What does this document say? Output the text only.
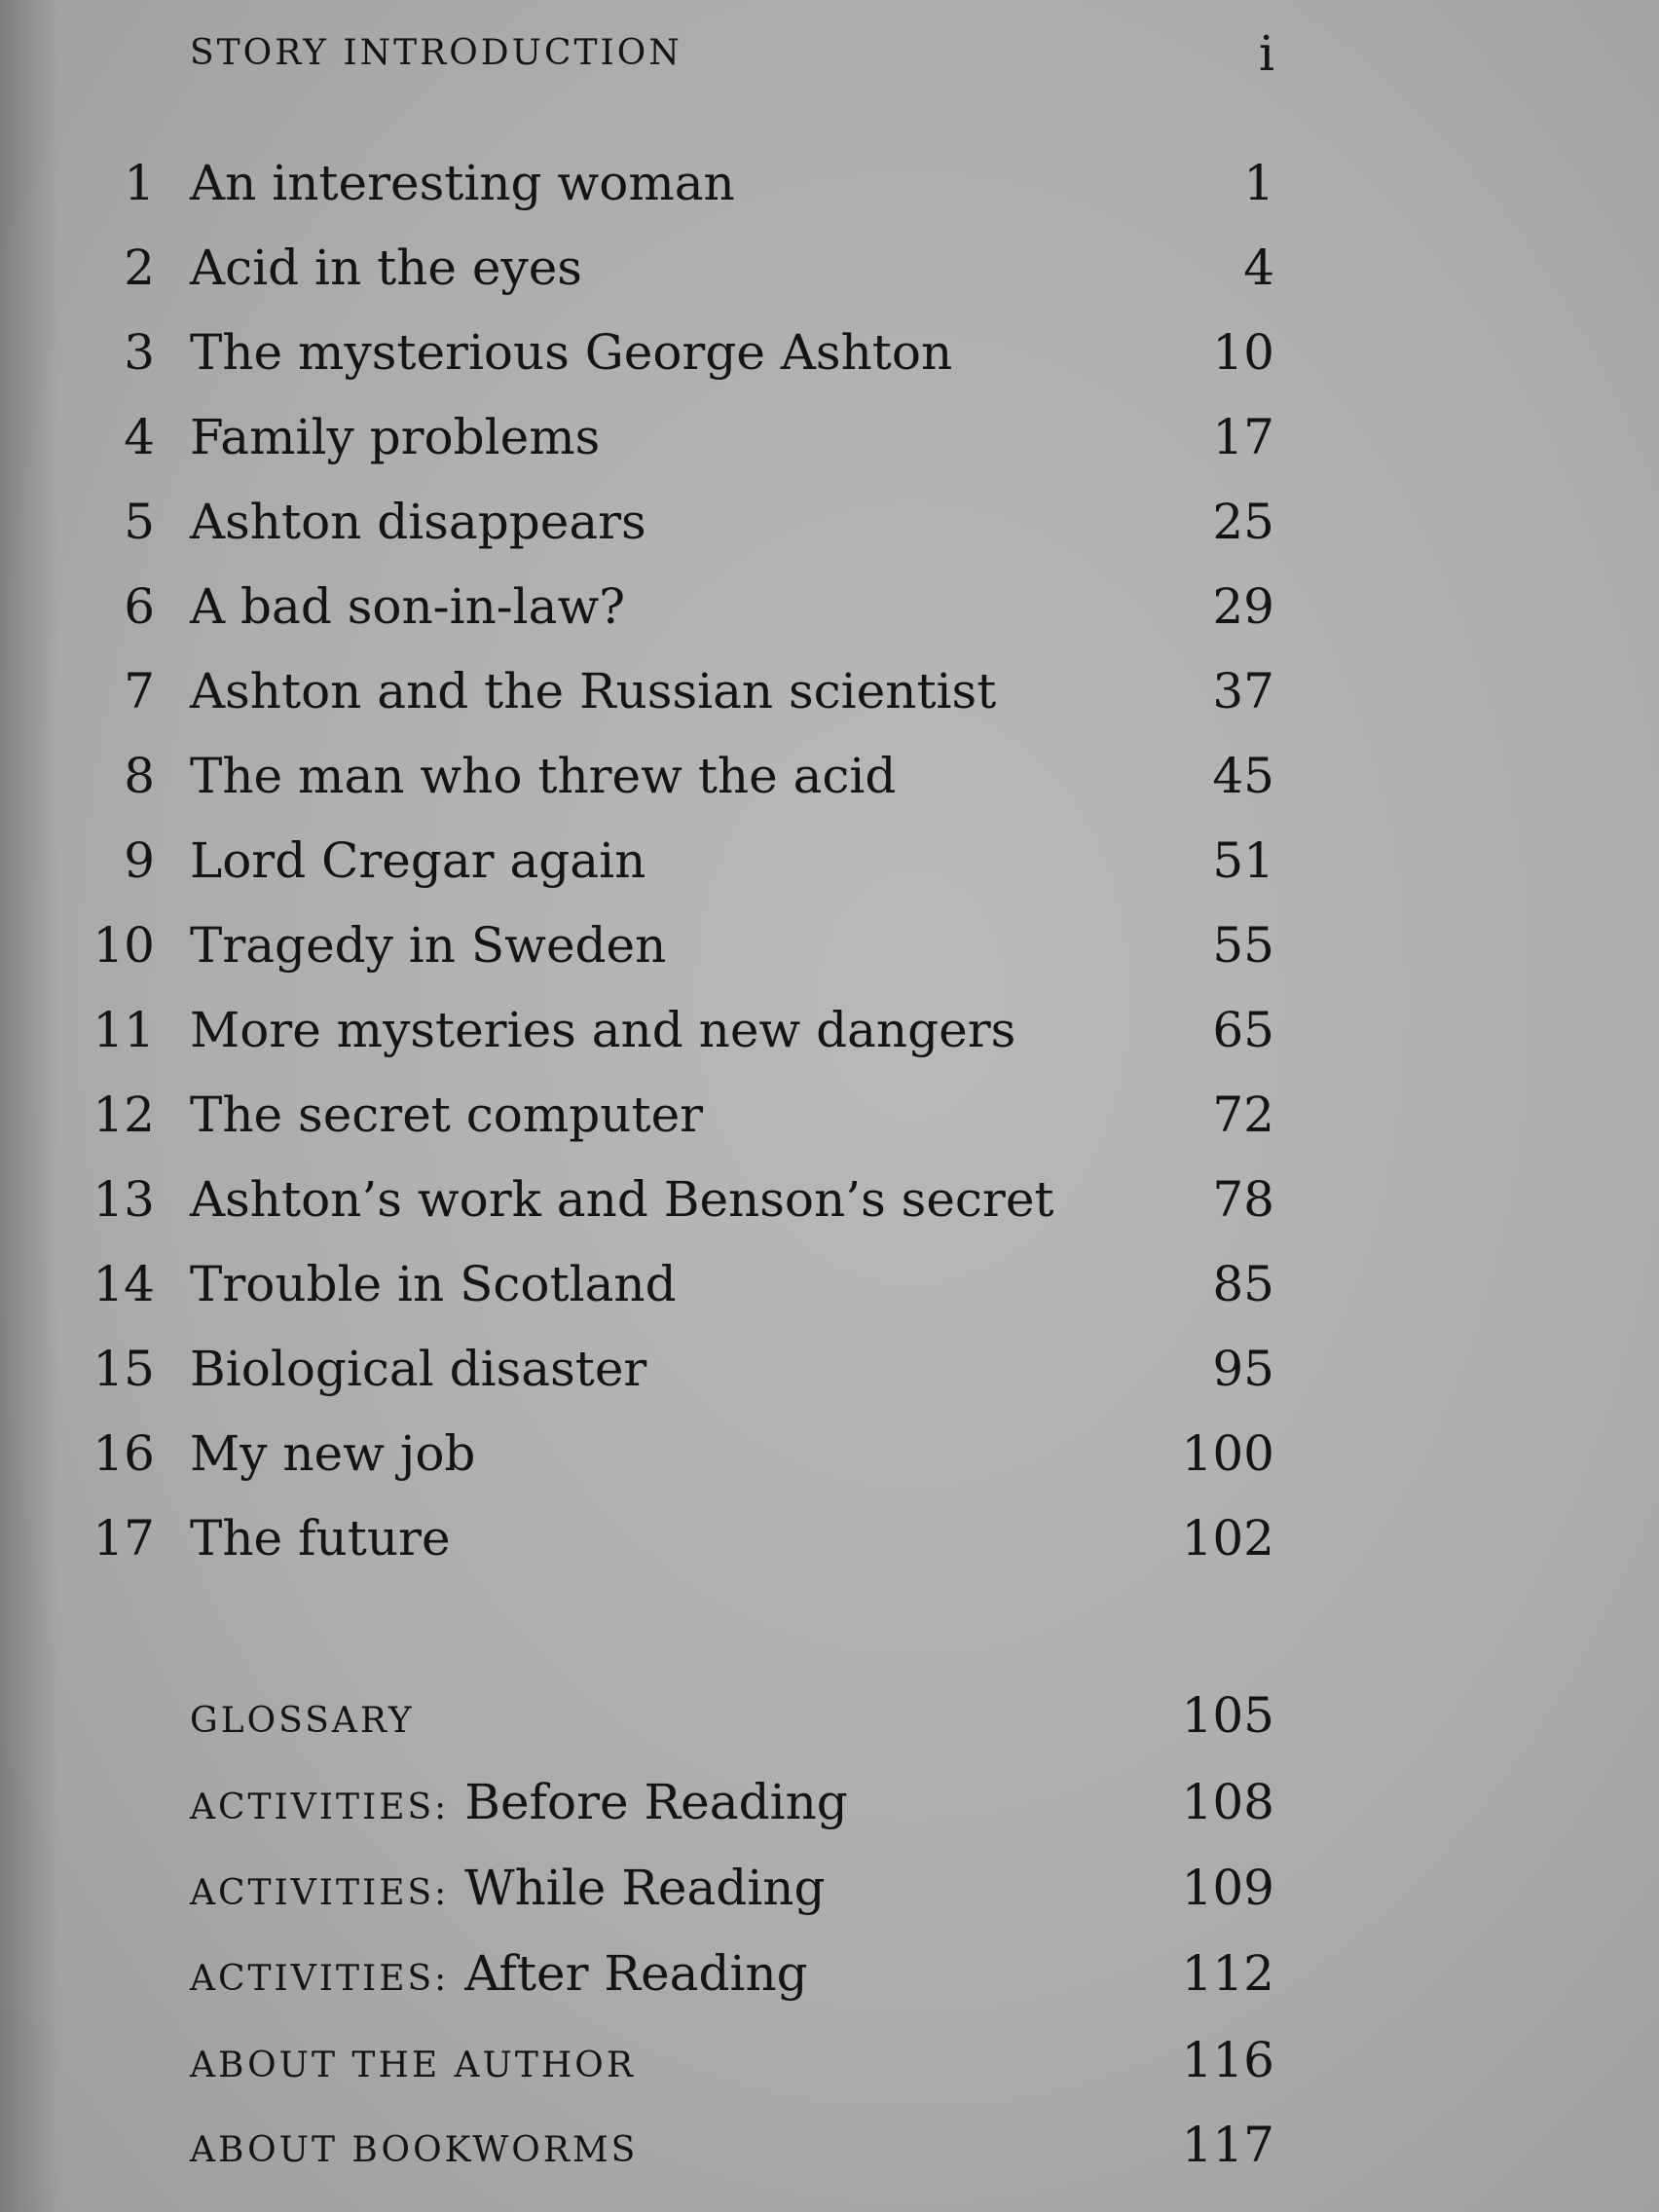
STORY INTRODUCTION	i
1 An interesting woman	1
2 Acid in the eyes	4
3 The mysterious George Ashton	10
4 Family problems	17
5 Ashton disappears	25
6 A bad son-in-law?	29
7 Ashton and the Russian scientist	37
8 The man who threw the acid	45
9 Lord Cregar again	51
10 Tragedy in Sweden	55
11 More mysteries and new dangers	65
12 The secret computer	72
13 Ashton’s work and Benson’s secret	78
14 Trouble in Scotland	85
15 Biological disaster	95
16 My new job	100
17 The future	102
GLOSSARY	105
ACTIVITIES: Before Reading	108
ACTIVITIES: While Reading	109
ACTIVITIES: After Reading	112
ABOUT THE AUTHOR	116
ABOUT BOOKWORMS	117
